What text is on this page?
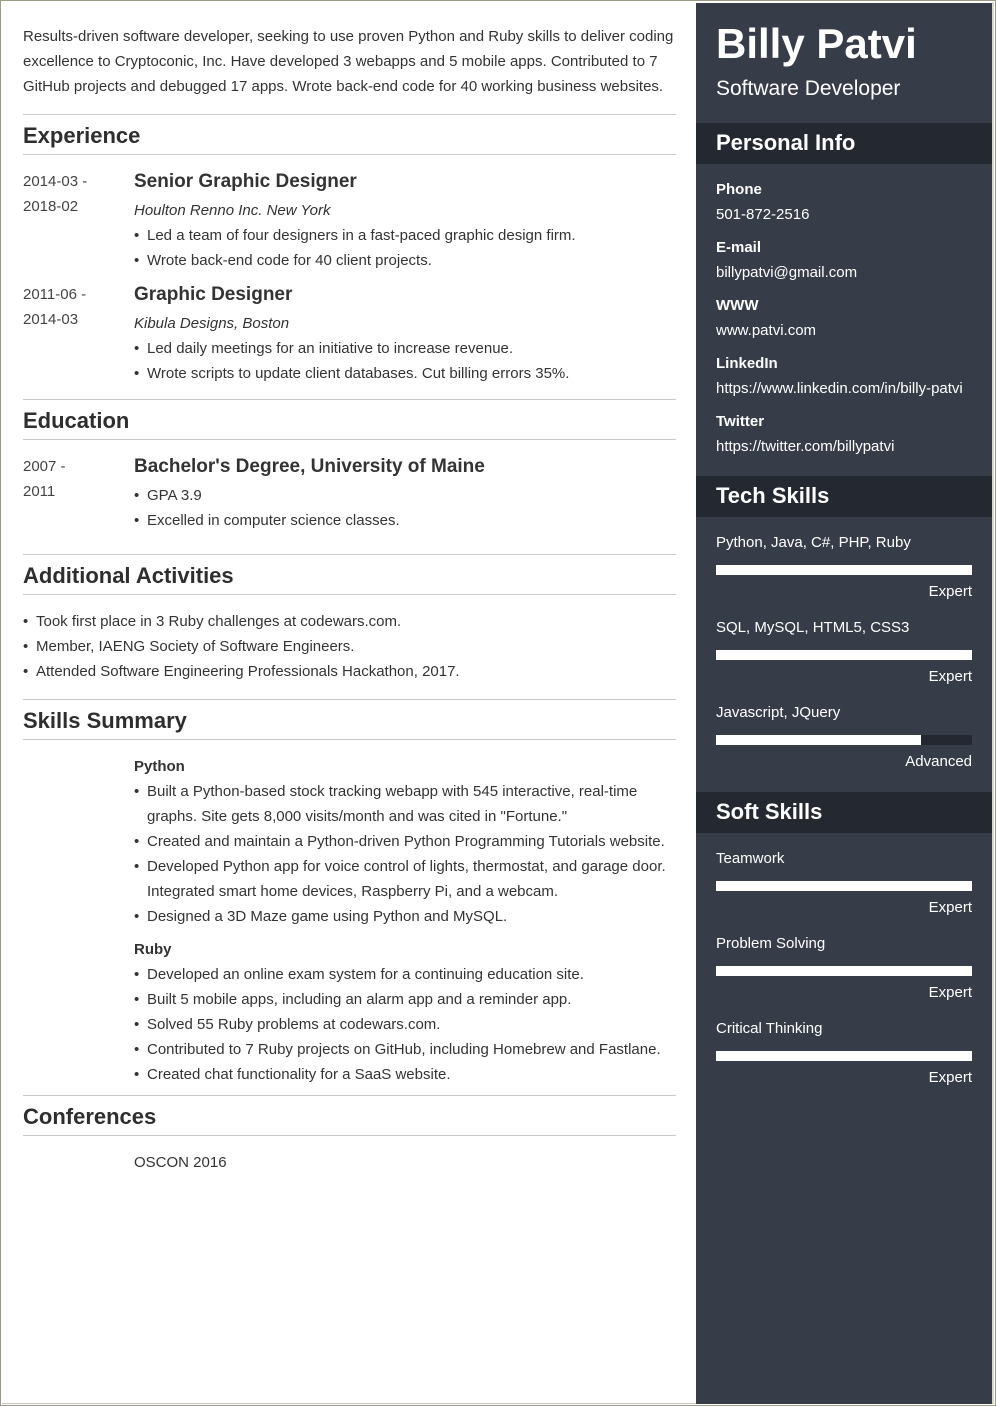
Results-driven software developer, seeking to use proven Python and Ruby skills to deliver coding excellence to Cryptoconic, Inc. Have developed 3 webapps and 5 mobile apps. Contributed to 7 GitHub projects and debugged 17 apps. Wrote back-end code for 40 working business websites.

Experience
2014-03 -
2018-02
Senior Graphic Designer
Houlton Renno Inc. New York
• Led a team of four designers in a fast-paced graphic design firm.
• Wrote back-end code for 40 client projects.
2011-06 -
2014-03
Graphic Designer
Kibula Designs, Boston
• Led daily meetings for an initiative to increase revenue.
• Wrote scripts to update client databases. Cut billing errors 35%.
Education
2007 -
2011
Bachelor's Degree, University of Maine
• GPA 3.9
• Excelled in computer science classes.
Additional Activities
• Took first place in 3 Ruby challenges at codewars.com.
• Member, IAENG Society of Software Engineers.
• Attended Software Engineering Professionals Hackathon, 2017.
Skills Summary
Python
• Built a Python-based stock tracking webapp with 545 interactive, real-time graphs. Site gets 8,000 visits/month and was cited in "Fortune."
• Created and maintain a Python-driven Python Programming Tutorials website.
• Developed Python app for voice control of lights, thermostat, and garage door. Integrated smart home devices, Raspberry Pi, and a webcam.
• Designed a 3D Maze game using Python and MySQL.
Ruby
• Developed an online exam system for a continuing education site.
• Built 5 mobile apps, including an alarm app and a reminder app.
• Solved 55 Ruby problems at codewars.com.
• Contributed to 7 Ruby projects on GitHub, including Homebrew and Fastlane.
• Created chat functionality for a SaaS website.
Conferences
OSCON 2016
Billy Patvi
Software Developer
Personal Info
Phone
501-872-2516
E-mail
billypatvi@gmail.com
WWW
www.patvi.com
LinkedIn
https://www.linkedin.com/in/billy-patvi
Twitter
https://twitter.com/billypatvi
Tech Skills
Python, Java, C#, PHP, Ruby
Expert
SQL, MySQL, HTML5, CSS3
Expert
Javascript, JQuery
Advanced
Soft Skills
Teamwork
Expert
Problem Solving
Expert
Critical Thinking
Expert
